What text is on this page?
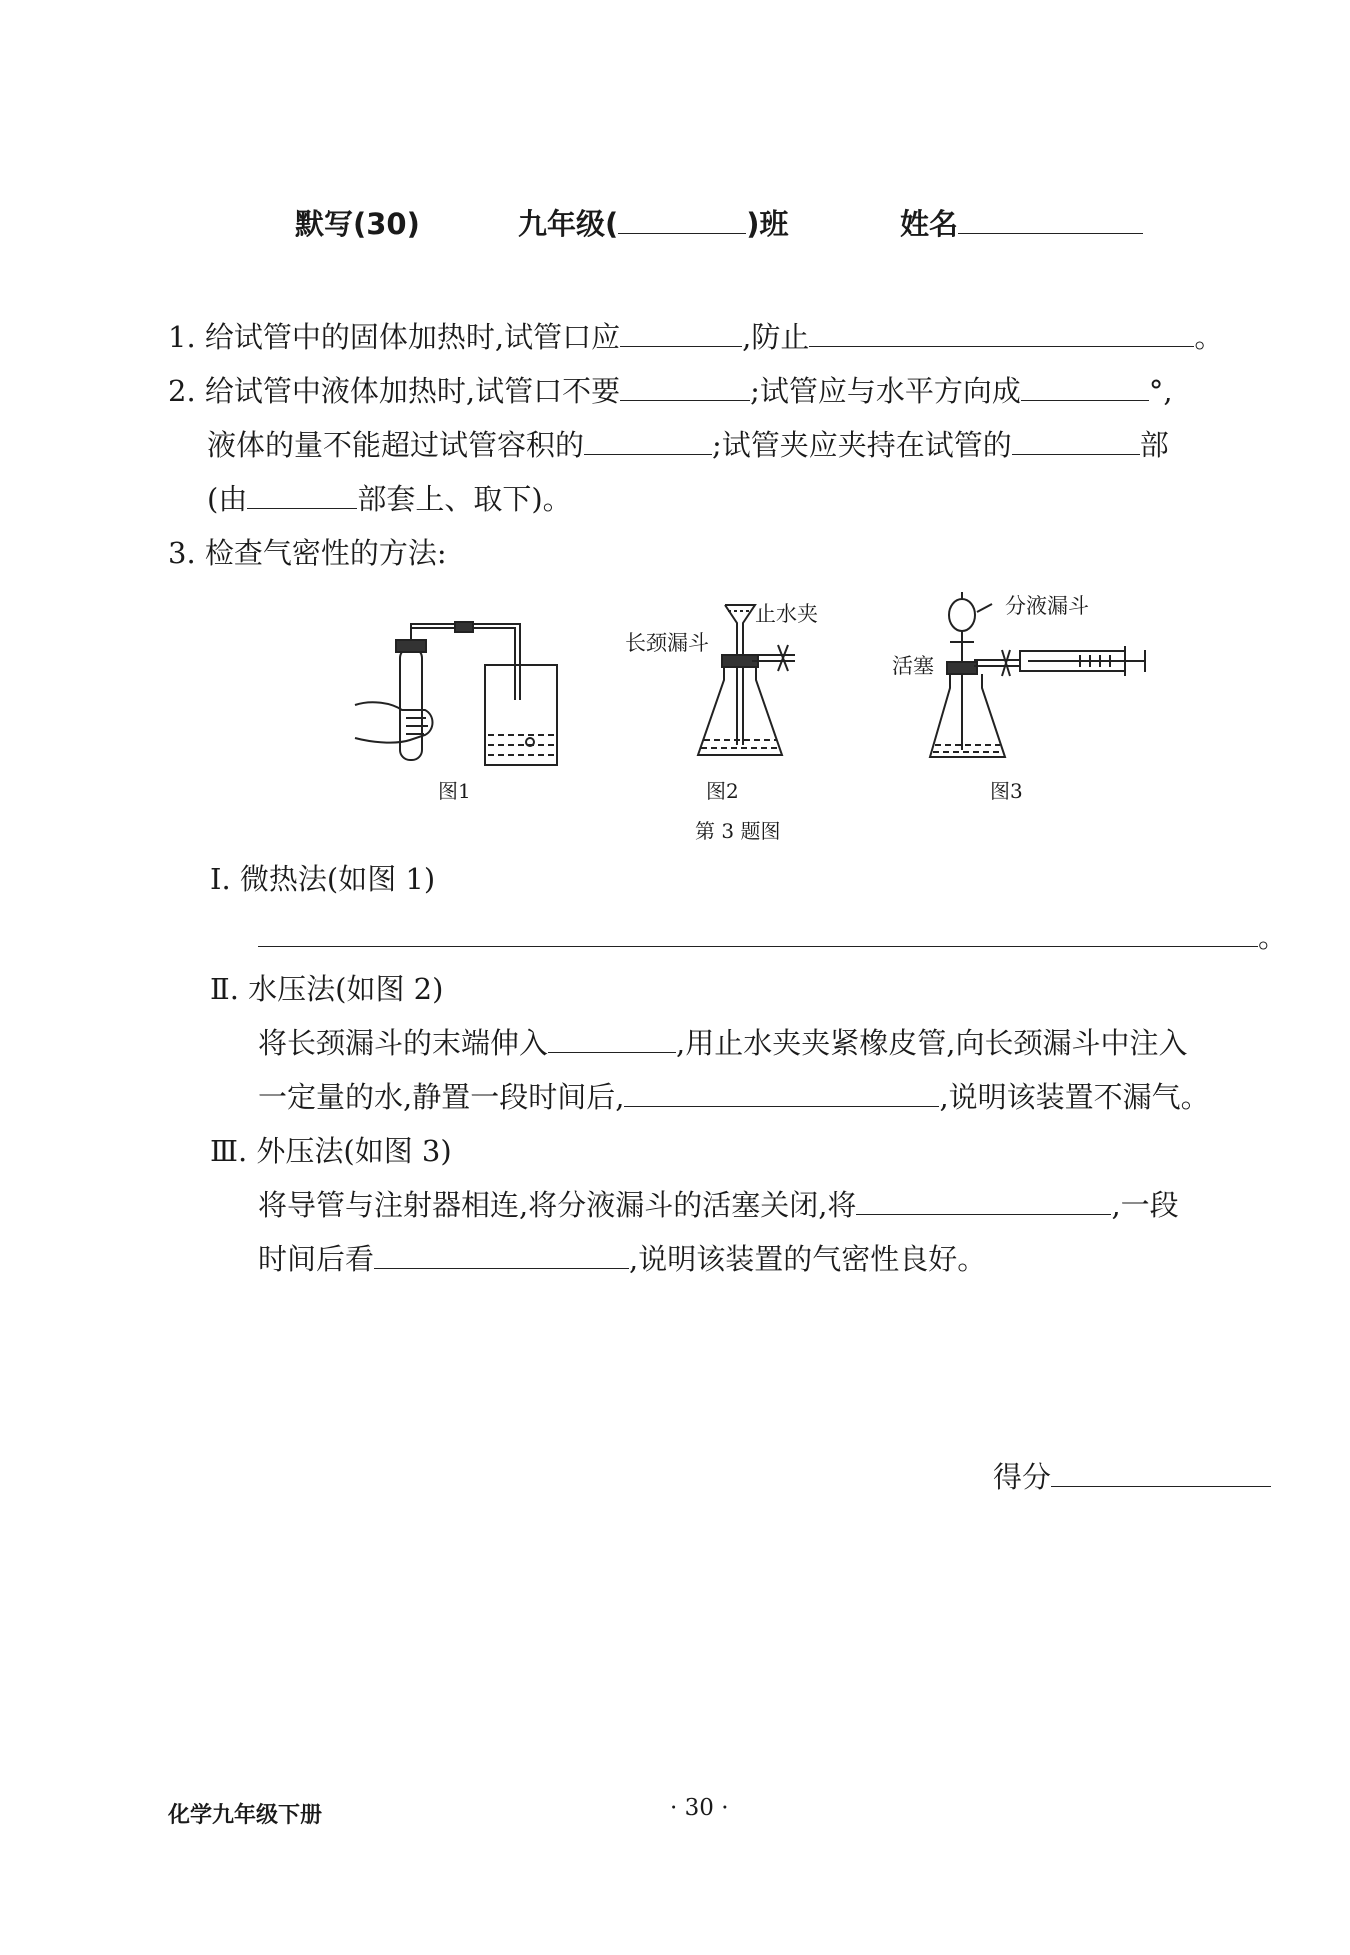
默写(30)	九年级(	)班	姓名
1. 给试管中的固体加热时,试管口应	,防止	。
2. 给试管中液体加热时,试管口不要	;试管应与水平方向成	°,
液体的量不能超过试管容积的	;试管夹应夹持在试管的	部
(由	部套上、取下)。
3. 检查气密性的方法:
长颈漏斗
止水夹	分液漏斗
活塞
图1	图2	图3
第 3 题图
Ⅰ. 微热法(如图 1)
。
Ⅱ. 水压法(如图 2)
将长颈漏斗的末端伸入	,用止水夹夹紧橡皮管,向长颈漏斗中注入
一定量的水,静置一段时间后,	,说明该装置不漏气。
Ⅲ. 外压法(如图 3)
将导管与注射器相连,将分液漏斗的活塞关闭,将	,一段
时间后看	,说明该装置的气密性良好。
得分
化学九年级下册	· 30 ·
